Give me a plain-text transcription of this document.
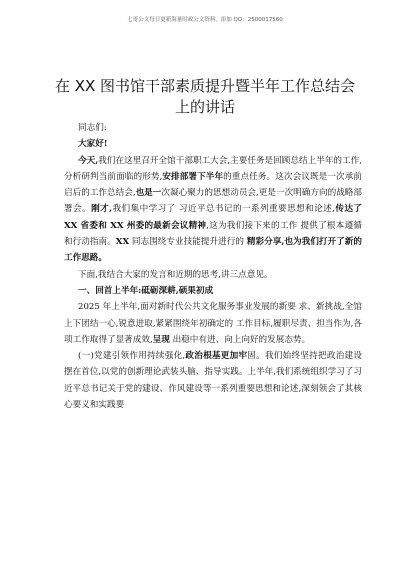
七哥公文每日更新海量时政公文资料，添加 QQ：2500017560
在 XX 图书馆干部素质提升暨半年工作总结会
上的讲话

同志们:

大家好!

今天,我们在这里召开全馆干部职工大会,主要任务是回顾总结上半年的工作,分析研判当前面临的形势,安排部署下半年的重点任务。这次会议既是一次承前启后的工作总结会,也是一次凝心聚力的思想动员会,更是一次明确方向的战略部署会。刚才,我们集中学习了 习近平总书记的一系列重要思想和论述,传达了 XX 省委和 XX 州委的最新会议精神,这为我们接下来的工作 提供了根本遵循和行动指南。XX 同志围绕专业技能提升进行的 精彩分享,也为我们打开了新的工作思路。

下面,我结合大家的发言和近期的思考,讲三点意见。

一、回首上半年:砥砺深耕,硕果初成

2025 年上半年,面对新时代公共文化服务事业发展的新要 求、新挑战,全馆上下团结一心,锐意进取,紧紧围绕年初确定的 工作目标,履职尽责、担当作为,各项工作取得了显著成效,呈现 出稳中有进、向上向好的发展态势。

(一)党建引领作用持续强化,政治根基更加牢固。我们始终坚持把政治建设摆在首位,以党的创新理论武装头脑、指导实践。上半年,我们系统组织学习了习近平总书记关于党的建设、作风建设等一系列重要思想和论述,深刻领会了其核心要义和实践要
